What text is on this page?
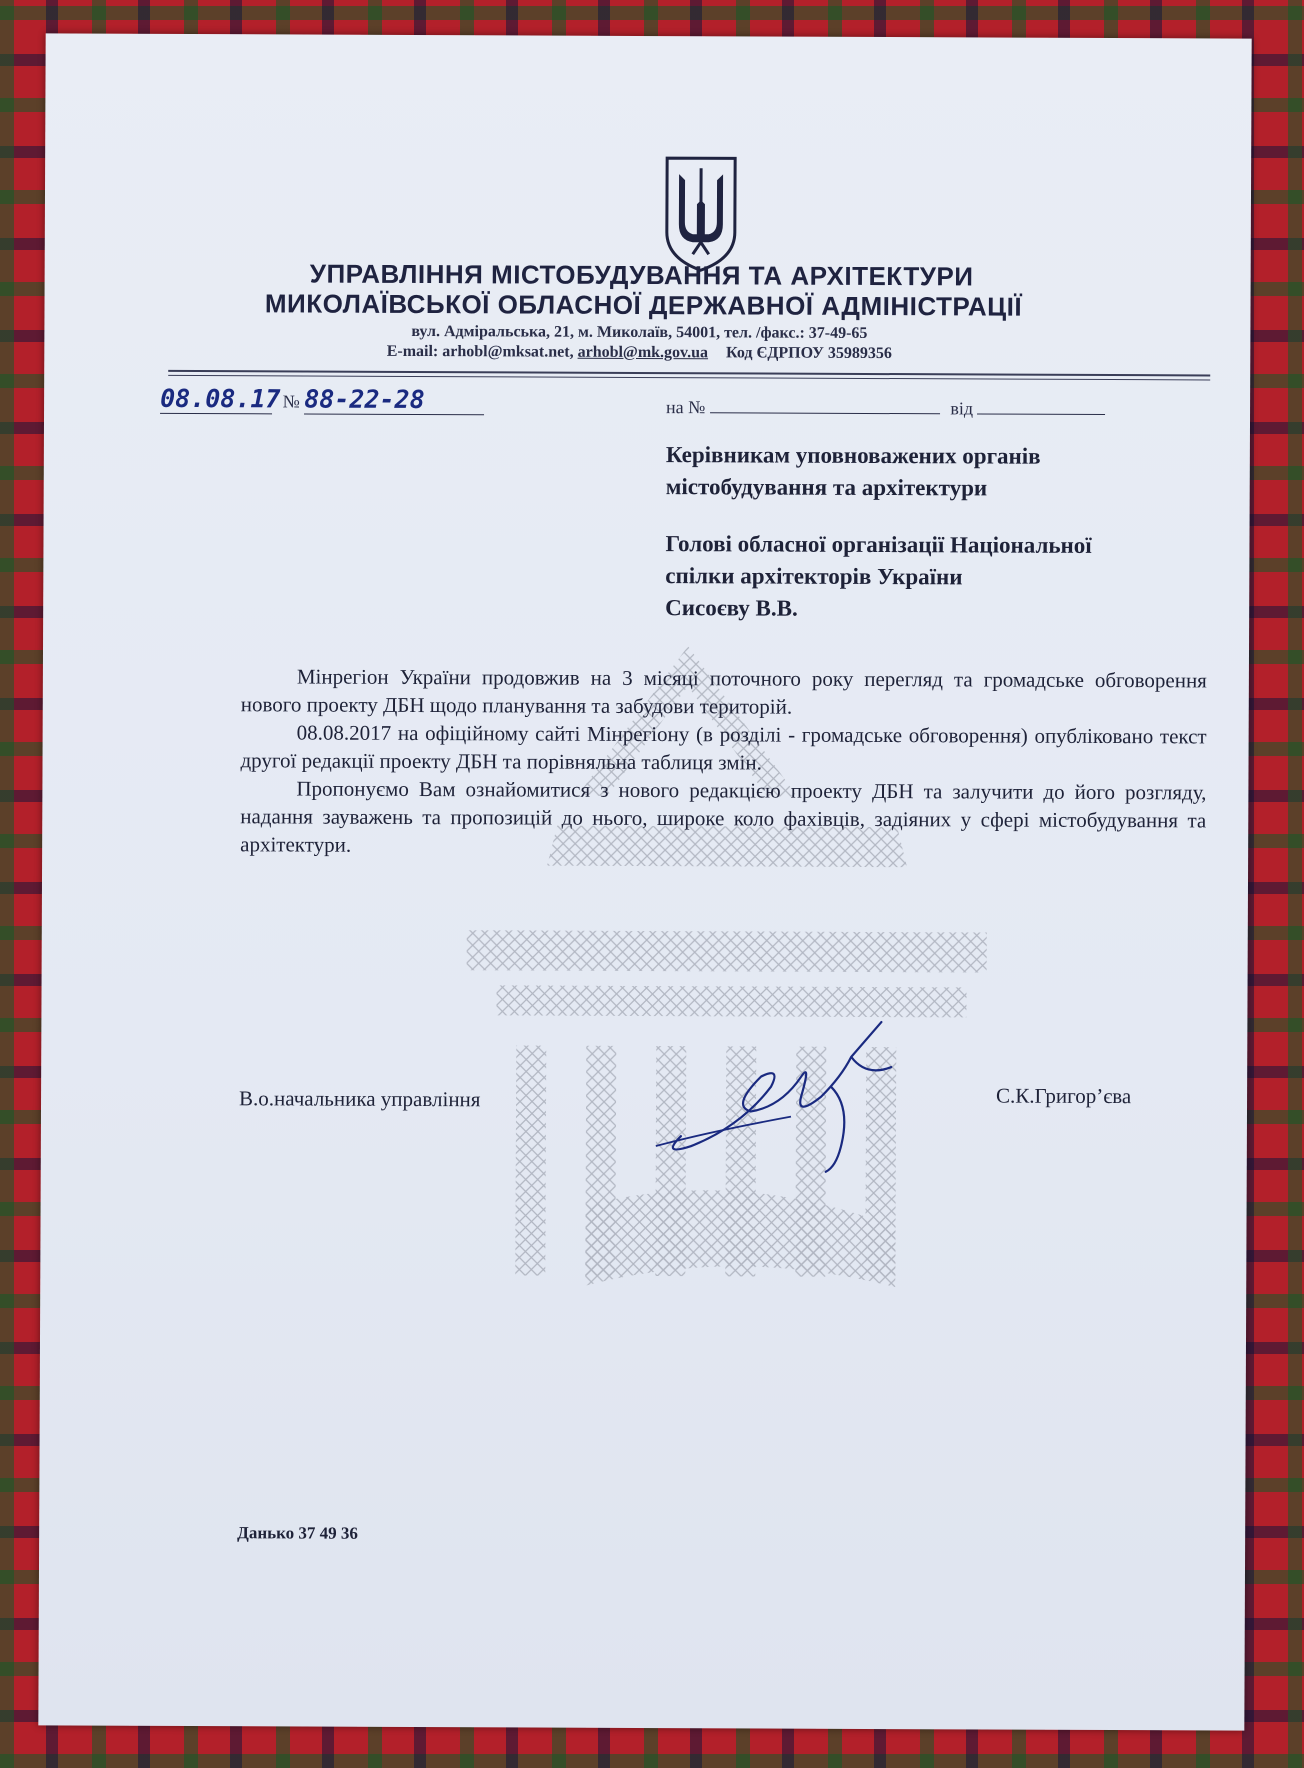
УПРАВЛІННЯ МІСТОБУДУВАННЯ ТА АРХІТЕКТУРИ
МИКОЛАЇВСЬКОЇ ОБЛАСНОЇ ДЕРЖАВНОЇ АДМІНІСТРАЦІЇ
вул. Адміральська, 21, м. Миколаїв, 54001, тел. /факс.: 37-49-65
E-mail: arhobl@mksat.net, arhobl@mk.gov.ua Код ЄДРПОУ 35989356
08.08.17 № 88-22-28	на №	від
Керівникам уповноважених органів
містобудування та архітектури
Голові обласної організації Національної
спілки архітекторів України
Сисоєву В.В.

Мінрегіон України продовжив на 3 місяці поточного року перегляд та громадське обговорення нового проекту ДБН щодо планування та забудови територій.

08.08.2017 на офіційному сайті Мінрегіону (в розділі - громадське обговорення) опубліковано текст другої редакції проекту ДБН та порівняльна таблиця змін.

Пропонуємо Вам ознайомитися з нового редакцією проекту ДБН та залучити до його розгляду, надання зауважень та пропозицій до нього, широке коло фахівців, задіяних у сфері містобудування та архітектури.

В.о.начальника управління	С.К.Григор’єва
Данько 37 49 36
